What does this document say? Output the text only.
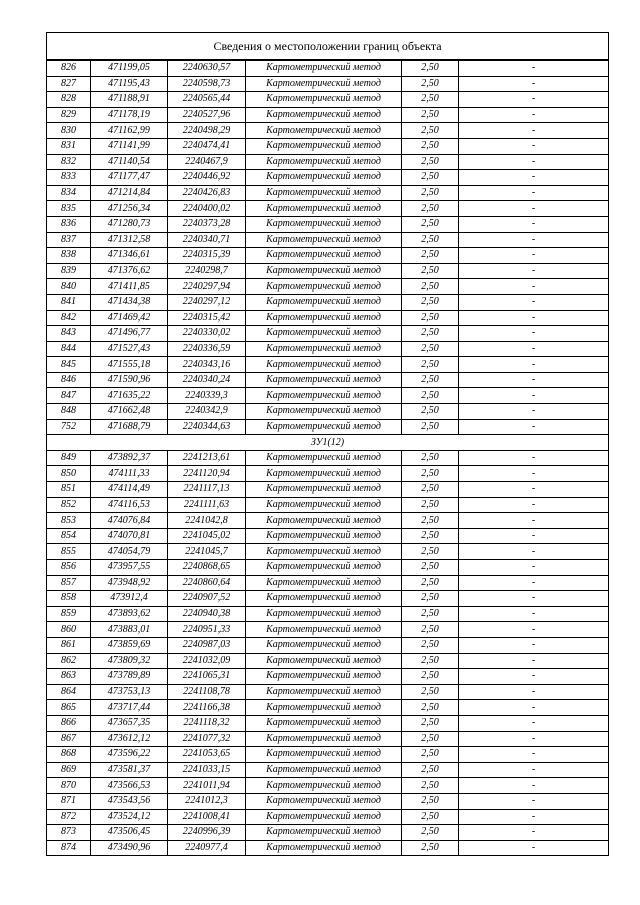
Сведения о местоположении границ объекта
826	471199,05	2240630,57	Картометрический метод	2,50	-
827	471195,43	2240598,73	Картометрический метод	2,50	-
828	471188,91	2240565,44	Картометрический метод	2,50	-
829	471178,19	2240527,96	Картометрический метод	2,50	-
830	471162,99	2240498,29	Картометрический метод	2,50	-
831	471141,99	2240474,41	Картометрический метод	2,50	-
832	471140,54	2240467,9	Картометрический метод	2,50	-
833	471177,47	2240446,92	Картометрический метод	2,50	-
834	471214,84	2240426,83	Картометрический метод	2,50	-
835	471256,34	2240400,02	Картометрический метод	2,50	-
836	471280,73	2240373,28	Картометрический метод	2,50	-
837	471312,58	2240340,71	Картометрический метод	2,50	-
838	471346,61	2240315,39	Картометрический метод	2,50	-
839	471376,62	2240298,7	Картометрический метод	2,50	-
840	471411,85	2240297,94	Картометрический метод	2,50	-
841	471434,38	2240297,12	Картометрический метод	2,50	-
842	471469,42	2240315,42	Картометрический метод	2,50	-
843	471496,77	2240330,02	Картометрический метод	2,50	-
844	471527,43	2240336,59	Картометрический метод	2,50	-
845	471555,18	2240343,16	Картометрический метод	2,50	-
846	471590,96	2240340,24	Картометрический метод	2,50	-
847	471635,22	2240339,3	Картометрический метод	2,50	-
848	471662,48	2240342,9	Картометрический метод	2,50	-
752	471688,79	2240344,63	Картометрический метод	2,50	-
ЗУ1(12)					
849	473892,37	2241213,61	Картометрический метод	2,50	-
850	474111,33	2241120,94	Картометрический метод	2,50	-
851	474114,49	2241117,13	Картометрический метод	2,50	-
852	474116,53	2241111,63	Картометрический метод	2,50	-
853	474076,84	2241042,8	Картометрический метод	2,50	-
854	474070,81	2241045,02	Картометрический метод	2,50	-
855	474054,79	2241045,7	Картометрический метод	2,50	-
856	473957,55	2240868,65	Картометрический метод	2,50	-
857	473948,92	2240860,64	Картометрический метод	2,50	-
858	473912,4	2240907,52	Картометрический метод	2,50	-
859	473893,62	2240940,38	Картометрический метод	2,50	-
860	473883,01	2240951,33	Картометрический метод	2,50	-
861	473859,69	2240987,03	Картометрический метод	2,50	-
862	473809,32	2241032,09	Картометрический метод	2,50	-
863	473789,89	2241065,31	Картометрический метод	2,50	-
864	473753,13	2241108,78	Картометрический метод	2,50	-
865	473717,44	2241166,38	Картометрический метод	2,50	-
866	473657,35	2241118,32	Картометрический метод	2,50	-
867	473612,12	2241077,32	Картометрический метод	2,50	-
868	473596,22	2241053,65	Картометрический метод	2,50	-
869	473581,37	2241033,15	Картометрический метод	2,50	-
870	473566,53	2241011,94	Картометрический метод	2,50	-
871	473543,56	2241012,3	Картометрический метод	2,50	-
872	473524,12	2241008,41	Картометрический метод	2,50	-
873	473506,45	2240996,39	Картометрический метод	2,50	-
874	473490,96	2240977,4	Картометрический метод	2,50	-
